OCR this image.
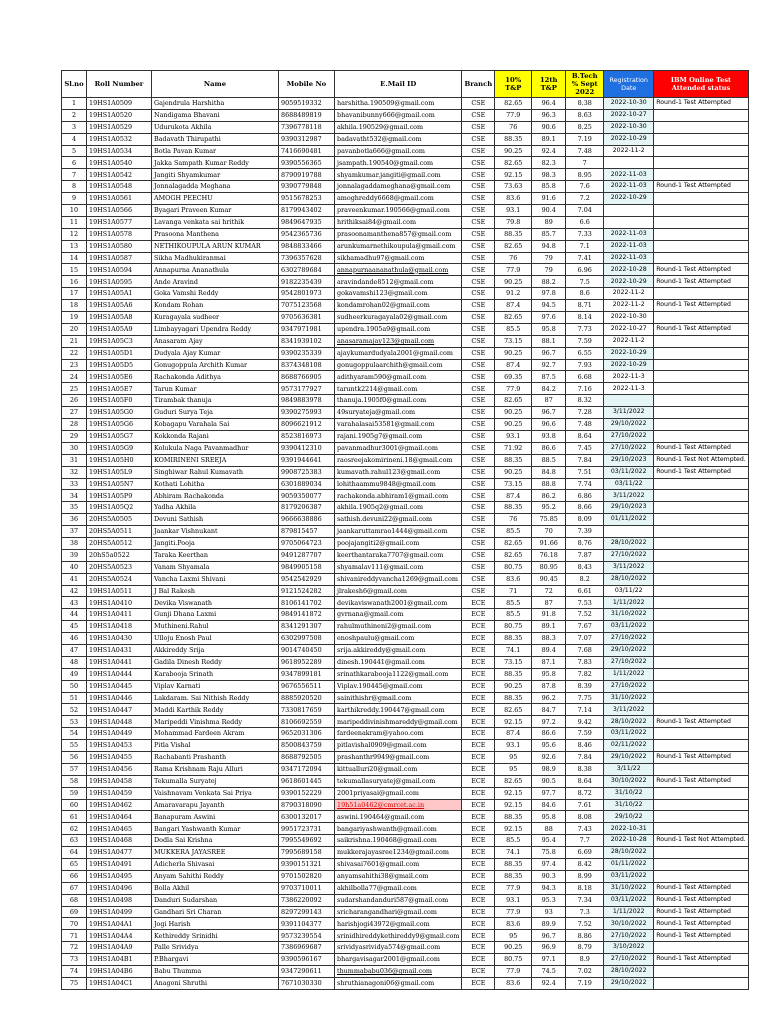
Sl.no	Roll Number	Name	Mobile No	E.Mail ID	Branch	10% T&P	12th T&P	B.Tech % Sept 2022	Registration Date	IBM Online Test Attended status
1	19HS1A0509	Gajendrula Harshitha	9059519332	harshitha.190509@gmail.com	CSE	82.65	96.4	8.38	2022-10-30	Round-1 Test Attempted
2	19HS1A0520	Nandigama Bhavani	8688489819	bhavanibunny666@gmail.com	CSE	77.9	96.3	8.63	2022-10-27	
3	19HS1A0529	Udurukota Akhila	7396778118	akhila.190529@gmail.com	CSE	76	90.6	8.25	2022-10-30	
4	19HS1A0532	Badavath Thirupathi	9390312987	badavatht532@gmail.com	CSE	88.35	89.1	7.19	2022-10-29	
5	19HS1A0534	Botla Pavan Kumar	7416690481	pavanbotla666@gmail.com	CSE	90.25	92.4	7.48	2022-11-2	
6	19HS1A0540	Jakka Sampath Kumar Reddy	9390556365	jsampath.190540@gmail.com	CSE	82.65	82.3	7		
7	19HS1A0542	Jangiti Shyamkumar	8790919788	shyamkumar.jangiti@gmail.com	CSE	92.15	98.3	8.95	2022-11-03	
8	19HS1A0548	Jonnalagadda Meghana	9390779848	jonnalagaddameghana@gmail.com	CSE	73.63	85.8	7.6	2022-11-03	Round-1 Test Attempted
9	19HS1A0561	AMOGH PEECHU	9515678253	amoghreddy6668@gmail.com	CSE	83.6	91.6	7.2	2022-10-29	
10	19HS1A0566	Byagari Praveen Kumar	8179943402	praveenkumar.190566@gmail.com	CSE	93.1	90.4	7.04		
11	19HS1A0577	Lavanga venkata sai hrithik	9849647935	hrithiksai84@gmail.com	CSE	79.8	89	6.6		
12	19HS1A0578	Prasoona Manthena	9542365736	prasoonamanthena857@gmail.com	CSE	88.35	85.7	7.33	2022-11-03	
13	19HS1A0580	NETHIKOUPULA ARUN KUMAR	9848833466	arunkumarnethikoupula@gmail.com	CSE	82.65	94.8	7.1	2022-11-03	
14	19HS1A0587	Sikha Madhukiranmai	7396357628	sikhamadhu97@gmail.com	CSE	76	79	7.41	2022-11-03	
15	19HS1A0594	Annapurna Ananathula	6302789684	annapurnaananathula@gmail.com	CSE	77.9	79	6.96	2022-10-28	Round-1 Test Attempted
16	19HS1A0595	Ande Aravind	9182235439	aravindande8512@gmail.com	CSE	90.25	88.2	7.5	2022-10-29	Round-1 Test Attempted
17	19HS1A05A1	Goka Vamshi Reddy	9542801973	gokavamshi123@gmail.com	CSE	91.2	97.8	8.6	2022-11-2	
18	19HS1A05A6	Kondam Rohan	7075123568	kondamrohan02@gmail.com	CSE	87.4	94.5	8.71	2022-11-2	Round-1 Test Attempted
19	19HS1A05A8	Kuragayala sudheer	9705636381	sudheerkuragayala02@gmail.com	CSE	82.65	97.6	8.14	2022-10-30	
20	19HS1A05A9	Limbayyagari Upendra Reddy	9347971981	upendra.1905a9@gmail.com	CSE	85.5	95.8	7.73	2022-10-27	Round-1 Test Attempted
21	19HS1A05C3	Anasaram Ajay	8341939102	anasaramajay123@gmail.com	CSE	73.15	88.1	7.59	2022-11-2	
22	19HS1A05D1	Dudyala Ajay Kumar	9390235339	ajaykumardudyala2001@gmail.com	CSE	90.25	96.7	6.55	2022-10-29	
23	19HS1A05D5	Gonugoppula Archith Kumar	8374348108	gonugoppulaarchith@gmail.com	CSE	87.4	92.7	7.93	2022-10-29	
24	19HS1A05E6	Rachakonda Adithya	8688766905	adithyaram590@gmail.com	CSE	69.35	87.5	6.68	2022-11-3	
25	19HS1A05E7	Tarun Kumar	9573177927	taruntk2214@gmail.com	CSE	77.9	84.2	7.16	2022-11-3	
26	19HS1A05F0	Tirambak thanuja	9849883978	thanuja.1905f0@gmail.com	CSE	82.65	87	8.32		
27	19HS1A05G0	Guduri Surya Teja	9390275993	49suryateja@gmail.com	CSE	90.25	96.7	7.28	3/11/2022	
28	19HS1A05G6	Kobagapu Varahala Sai	8096621912	varahalasai53581@gmail.com	CSE	90.25	96.6	7.48	29/10/2022	
29	19HS1A05G7	Kokkonda Rajani	8523816973	rajani.1905g7@gmail.com	CSE	93.1	93.8	8.64	27/10/2022	
30	19HS1A05G9	Kolukula Naga Pavanmadhur	9390412310	pavanmadhur3001@gmail.com	CSE	71.92	86.6	7.45	27/10/2022	Round-1 Test Attempted
31	19HS1A05H0	KOMIRINENI SREEJA	9391944641	raosreejakomirineni.18@gmail.com	CSE	88.35	88.5	7.84	29/10/2023	Round-1 Test Not Attempted.
32	19HS1A05L9	Singhiwar Rahul Kumavath	9908725383	kumavath.rahul123@gmail.com	CSE	90.25	84.8	7.51	03/11/2022	Round-1 Test Attempted
33	19HS1A05N7	Kothati Lohitha	6301889034	lohithaammu9848@gmail.com	CSE	73.15	88.8	7.74	03/11/22	
34	19HS1A05P9	Abhiram Rachakonda	9059350077	rachakonda.abhiram1@gmail.com	CSE	87.4	86.2	6.86	3/11/2022	
35	19HS1A05Q2	Yadha Akhila	8179206387	akhila.1905q2@gmail.com	CSE	88.35	95.2	8.66	29/10/2023	
36	20HS5A0505	Devuni Sathish	9666638886	sathish.devuni22@gmail.com	CSE	76	75.85	8.09	01/11/2022	
37	20HS5A0511	Jaankar Vishnukant	879815457	jaankaruttamrao1444@gmail.com	CSE	85.5	70	7.39		
38	20HS5A0512	Jangiti.Pooja	9705064723	poojajangiti2@gmail.com	CSE	82.65	91.66	8.76	28/10/2022	
39	20hS5a0522	Taraka Keerthan	9491287707	keerthantaraka7707@gmail.com	CSE	82.65	76.18	7.87	27/10/2022	
40	20HS5A0523	Vanam Shyamala	9849905158	shyamalav111@gmail.com	CSE	80.75	80.95	8.43	3/11/2022	
41	20HS5A0524	Vancha Laxmi Shivani	9542542929	shivanireddyvancha1269@gmail.com	CSE	83.6	90.45	8.2	28/10/2022	
42	19HS1A0511	J Bal Rakesh	9121524282	jlrakesh6@gmail.com	CSE	71	72	6.61	03/11/22	
43	19HS1A0410	Devika Viswanath	8106141702	devikaviswanath2001@gmail.com	ECE	85.5	87	7.53	1/11/2022	
44	19HS1A0411	Gunji Dhana Laxmi	9849141872	gvrnana@gmail.com	ECE	85.5	91.8	7.52	31/10/2022	
45	19HS1A0418	Muthineni.Rahul	8341291307	rahulmuthineni2@gmail.com	ECE	80.75	89.1	7.67	03/11/2022	
46	19HS1A0430	Ulloju Enosh Paul	6302997508	enoshpaulu@gmail.com	ECE	88.35	88.3	7.07	27/10/2022	
47	19HS1A0431	Akkireddy Srija	9014740450	srija.akkireddy@gmail.com	ECE	74.1	89.4	7.68	29/10/2022	
48	19HS1A0441	Gadila Dinesh Reddy	9618952289	dinesh.190441@gmail.com	ECE	73.15	87.1	7.83	27/10/2022	
49	19HS1A0444	Karabooja Srinath	9347899181	srinathkarabooja1122@gmail.com	ECE	88.35	95.8	7.82	1/11/2022	
50	19HS1A0445	Viplav Karnati	9676556511	Viplav.190445@gmail.com	ECE	90.25	87.8	8.39	27/10/2022	
51	19HS1A0446	Lakdaram. Sai Nithish Reddy	8885920520	sainithishr@gmail.com	ECE	88.35	96.2	7.75	31/10/2022	
52	19HS1A0447	Maddi Karthik Reddy	7330817659	karthikreddy.190447@gmail.com	ECE	82.65	84.7	7.14	3/11/2022	
53	19HS1A0448	Maripeddi Vinishma Reddy	8106692559	maripeddivinishmareddy@gmail.com	ECE	92.15	97.2	9.42	28/10/2022	Round-1 Test Attempted
54	19HS1A0449	Mohammad Fardeen Akram	9652031306	fardeenakram@yahoo.com	ECE	87.4	86.6	7.59	03/11/2022	
55	19HS1A0453	Pitla Vishal	8500843759	pitlavishal0909@gmail.com	ECE	93.1	95.6	8.46	02/11/2022	
56	19HS1A0455	Rachabanti Prashanth	8688792505	prashanthr9949@gmail.com	ECE	95	92.6	7.84	29/10/2022	Round-1 Test Attempted
57	19HS1A0456	Rama Krishnam Raju Alluri	9347172094	kittualluri20@gmail.com	ECE	95	98.9	8.38	3/11/22	
58	19HS1A0458	Tekumalla Suryatej	9618601445	tekumallasuryatej@gmail.com	ECE	82.65	90.5	8.64	30/10/2022	Round-1 Test Attempted
59	19HS1A0459	Vaishnavam Venkata Sai Priya	9390152229	2001priyasai@gmail.com	ECE	92.15	97.7	8.72	31/10/22	
60	19HS1A0462	Amaravarapu Jayanth	8790318090	19h51a0462@cmrcet.ac.in	ECE	92.15	84.6	7.61	31/10/22	
61	19HS1A0464	Banapuram Aswini	6300132017	aswini.190464@gmail.com	ECE	88.35	95.8	8.08	29/10/22	
62	19HS1A0465	Bangari Yashwanth Kumar	9951723731	bangariyashwanth@gmail.com	ECE	92.15	88	7.43	2022-10-31	
63	19HS1A0468	Dodla Sai Krishna	7995549692	saikrishna.190468@gmail.com	ECE	85.5	95.4	7.7	2022-10-28	Round-1 Test Not Attempted.
64	19HS1A0477	MUKKERA JAYASREE	7995689158	mukkerajayasree1234@gmail.com	ECE	74.1	75.8	6.69	28/10/2022	
65	19HS1A0491	Adicherla Shivasai	9390151321	shivasai7601@gmail.com	ECE	88.35	97.4	8.42	01/11/2022	
66	19HS1A0495	Anyam Sahithi Reddy	9701502820	anyamsahithi38@gmail.com	ECE	88.35	90.3	8.99	03/11/2022	
67	19HS1A0496	Bolla Akhil	9703710011	akhilbolla77@gmail.com	ECE	77.9	94.3	8.18	31/10/2022	Round-1 Test Attempted
68	19HS1A0498	Danduri Sudarshan	7386220092	sudarshandanduri587@gmail.com	ECE	93.1	95.3	7.34	03/11/2022	Round-1 Test Attempted
69	19HS1A0499	Gandhari Sri Charan	8297299143	sricharangandhari@gmail.com	ECE	77.9	93	7.3	1/11/2022	Round-1 Test Attempted
70	19HS1A04A1	Jogi Harish	9391104377	harishjogi43972@gmail.com	ECE	83.6	89.9	7.52	30/10/2022	Round-1 Test Attempted
71	19HS1A04A4	Kethireddy Srinidhi	9573239554	srinidhireddykethireddy9@gmail.com	ECE	95	96.7	8.86	27/10/2022	Round-1 Test Attempted
72	19HS1A04A9	Palle Srividya	7386969687	srividyasrividya574@gmail.com	ECE	90.25	96.9	8.79	3/10/2022	
73	19HS1A04B1	P.Bhargavi	9390596167	bhargavisagar2001@gmail.com	ECE	80.75	97.1	8.9	27/10/2022	Round-1 Test Attempted
74	19HS1A04B6	Babu Thumma	9347290611	thummababu036@gmail.com	ECE	77.9	74.5	7.02	28/10/2022	
75	19HS1A04C1	Anagoni Shruthi	7671030330	shruthianagoni06@gmail.com	ECE	83.6	92.4	7.19	29/10/2022	
